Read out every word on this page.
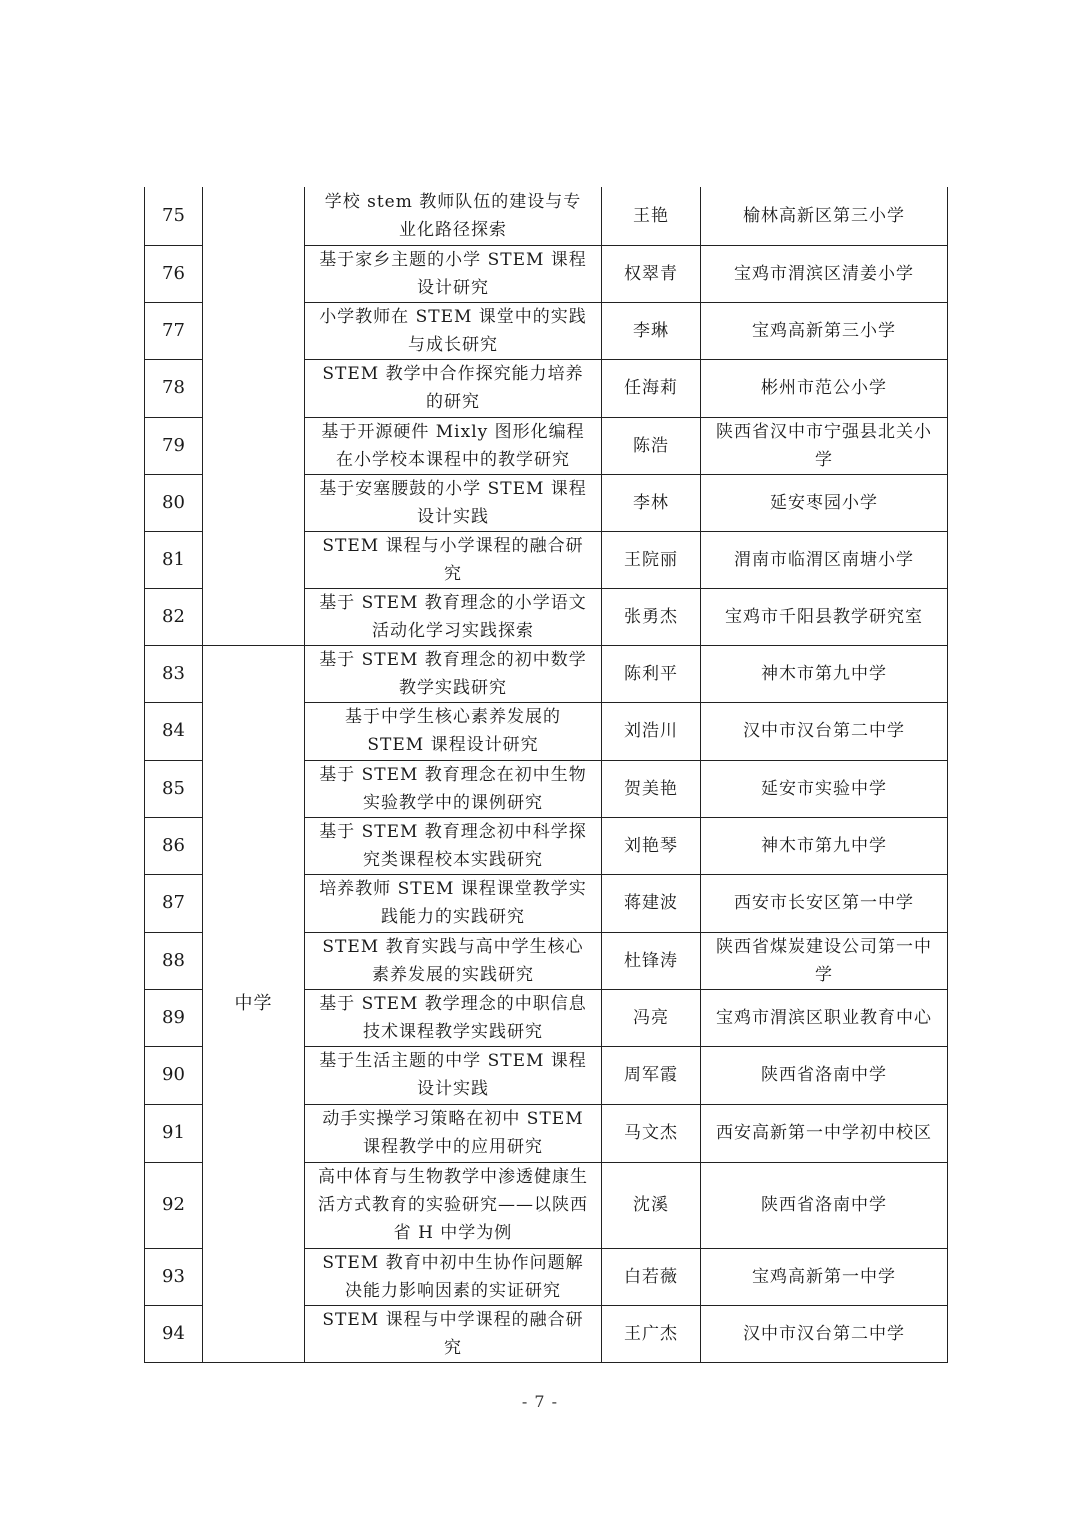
75		学校 stem 教师队伍的建设与专业化路径探索	王艳	榆林高新区第三小学
76		基于家乡主题的小学 STEM 课程设计研究	权翠青	宝鸡市渭滨区清姜小学
77		小学教师在 STEM 课堂中的实践与成长研究	李琳	宝鸡高新第三小学
78		STEM 教学中合作探究能力培养的研究	任海莉	彬州市范公小学
79		基于开源硬件 Mixly 图形化编程在小学校本课程中的教学研究	陈浩	陕西省汉中市宁强县北关小学
80		基于安塞腰鼓的小学 STEM 课程设计实践	李林	延安枣园小学
81		STEM 课程与小学课程的融合研究	王院丽	渭南市临渭区南塘小学
82		基于 STEM 教育理念的小学语文活动化学习实践探索	张勇杰	宝鸡市千阳县教学研究室
83	中学	基于 STEM 教育理念的初中数学教学实践研究	陈利平	神木市第九中学
84		基于中学生核心素养发展的 STEM 课程设计研究	刘浩川	汉中市汉台第二中学
85		基于 STEM 教育理念在初中生物实验教学中的课例研究	贺美艳	延安市实验中学
86		基于 STEM 教育理念初中科学探究类课程校本实践研究	刘艳琴	神木市第九中学
87		培养教师 STEM 课程课堂教学实践能力的实践研究	蒋建波	西安市长安区第一中学
88		STEM 教育实践与高中学生核心素养发展的实践研究	杜锋涛	陕西省煤炭建设公司第一中学
89		基于 STEM 教学理念的中职信息技术课程教学实践研究	冯亮	宝鸡市渭滨区职业教育中心
90		基于生活主题的中学 STEM 课程设计实践	周军霞	陕西省洛南中学
91		动手实操学习策略在初中 STEM 课程教学中的应用研究	马文杰	西安高新第一中学初中校区
92		高中体育与生物教学中渗透健康生活方式教育的实验研究——以陕西省 H 中学为例	沈溪	陕西省洛南中学
93		STEM 教育中初中生协作问题解决能力影响因素的实证研究	白若薇	宝鸡高新第一中学
94		STEM 课程与中学课程的融合研究	王广杰	汉中市汉台第二中学
- 7 -
